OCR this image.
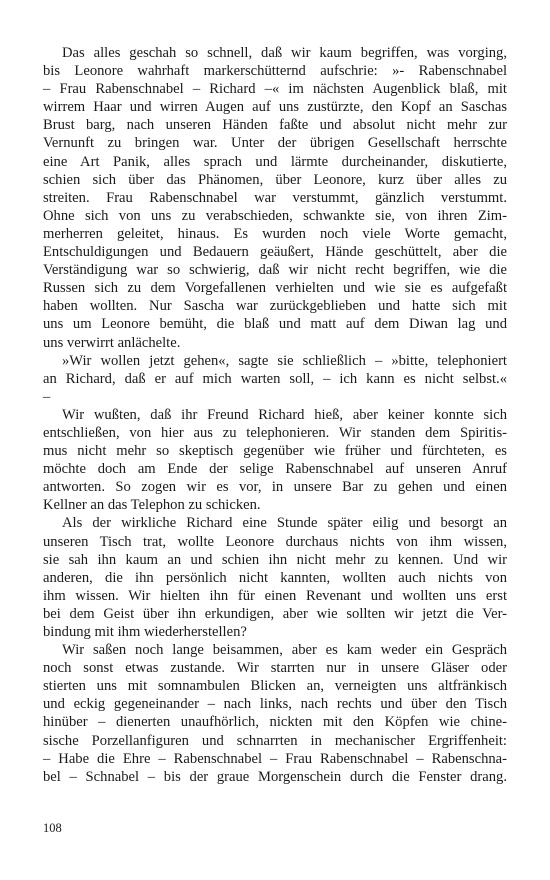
Das alles geschah so schnell, daß wir kaum begriffen, was vorging,
bis Leonore wahrhaft markerschütternd aufschrie: »- Rabenschnabel
– Frau Rabenschnabel – Richard –« im nächsten Augenblick blaß, mit
wirrem Haar und wirren Augen auf uns zustürzte, den Kopf an Saschas
Brust barg, nach unseren Händen faßte und absolut nicht mehr zur
Vernunft zu bringen war. Unter der übrigen Gesellschaft herrschte
eine Art Panik, alles sprach und lärmte durcheinander, diskutierte,
schien sich über das Phänomen, über Leonore, kurz über alles zu
streiten. Frau Rabenschnabel war verstummt, gänzlich verstummt.
Ohne sich von uns zu verabschieden, schwankte sie, von ihren Zim-
merherren geleitet, hinaus. Es wurden noch viele Worte gemacht,
Entschuldigungen und Bedauern geäußert, Hände geschüttelt, aber die
Verständigung war so schwierig, daß wir nicht recht begriffen, wie die
Russen sich zu dem Vorgefallenen verhielten und wie sie es aufgefaßt
haben wollten. Nur Sascha war zurückgeblieben und hatte sich mit
uns um Leonore bemüht, die blaß und matt auf dem Diwan lag und
uns verwirrt anlächelte.
»Wir wollen jetzt gehen«, sagte sie schließlich – »bitte, telephoniert
an Richard, daß er auf mich warten soll, – ich kann es nicht selbst.«
–
Wir wußten, daß ihr Freund Richard hieß, aber keiner konnte sich
entschließen, von hier aus zu telephonieren. Wir standen dem Spiritis-
mus nicht mehr so skeptisch gegenüber wie früher und fürchteten, es
möchte doch am Ende der selige Rabenschnabel auf unseren Anruf
antworten. So zogen wir es vor, in unsere Bar zu gehen und einen
Kellner an das Telephon zu schicken.
Als der wirkliche Richard eine Stunde später eilig und besorgt an
unseren Tisch trat, wollte Leonore durchaus nichts von ihm wissen,
sie sah ihn kaum an und schien ihn nicht mehr zu kennen. Und wir
anderen, die ihn persönlich nicht kannten, wollten auch nichts von
ihm wissen. Wir hielten ihn für einen Revenant und wollten uns erst
bei dem Geist über ihn erkundigen, aber wie sollten wir jetzt die Ver-
bindung mit ihm wiederherstellen?
Wir saßen noch lange beisammen, aber es kam weder ein Gespräch
noch sonst etwas zustande. Wir starrten nur in unsere Gläser oder
stierten uns mit somnambulen Blicken an, verneigten uns altfränkisch
und eckig gegeneinander – nach links, nach rechts und über den Tisch
hinüber – dienerten unaufhörlich, nickten mit den Köpfen wie chine-
sische Porzellanfiguren und schnarrten in mechanischer Ergriffenheit:
– Habe die Ehre – Rabenschnabel – Frau Rabenschnabel – Rabenschna-
bel – Schnabel – bis der graue Morgenschein durch die Fenster drang.
108
